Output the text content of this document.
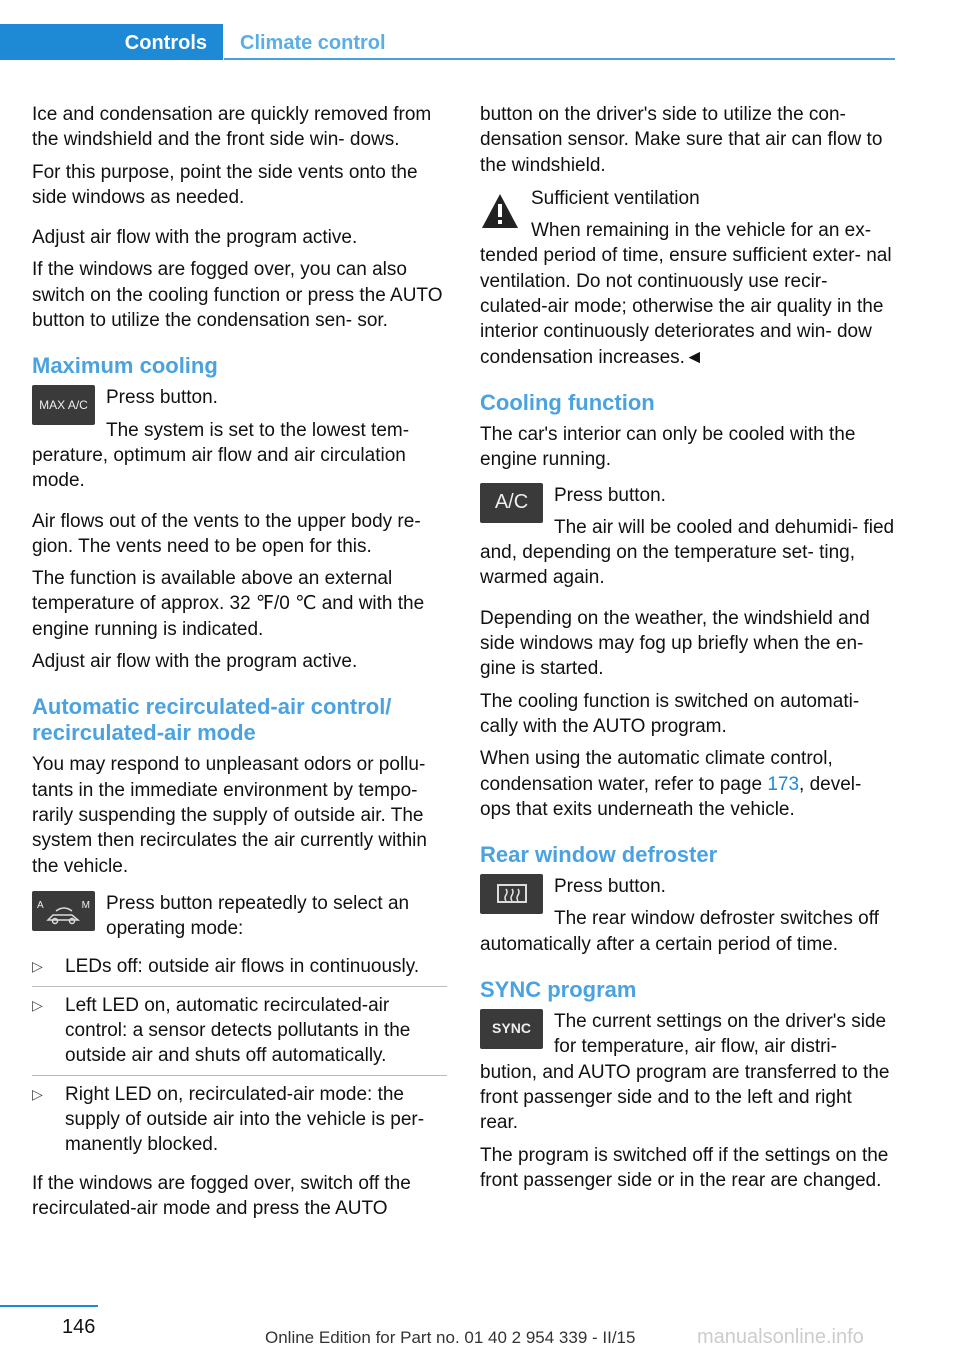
Controls	Climate control

Ice and condensation are quickly removed from the windshield and the front side win‐ dows.

For this purpose, point the side vents onto the side windows as needed.

Adjust air flow with the program active.

If the windows are fogged over, you can also switch on the cooling function or press the AUTO button to utilize the condensation sen‐ sor.

Maximum cooling
MAX A/C Press button.

The system is set to the lowest tem‐ perature, optimum air flow and air circulation mode.

Air flows out of the vents to the upper body re‐ gion. The vents need to be open for this.

The function is available above an external temperature of approx. 32 ℉/0 ℃ and with the engine running is indicated.

Adjust air flow with the program active.

Automatic recirculated-air control/ recirculated-air mode

You may respond to unpleasant odors or pollu‐ tants in the immediate environment by tempo‐ rarily suspending the supply of outside air. The system then recirculates the air currently within the vehicle.

A	M Press button repeatedly to select an operating mode:

▷ LEDs off: outside air flows in continuously.
▷ Left LED on, automatic recirculated-air control: a sensor detects pollutants in the outside air and shuts off automatically.
▷ Right LED on, recirculated-air mode: the supply of outside air into the vehicle is per‐ manently blocked.

If the windows are fogged over, switch off the recirculated-air mode and press the AUTO

button on the driver's side to utilize the con‐ densation sensor. Make sure that air can flow to the windshield.

Sufficient ventilation

When remaining in the vehicle for an ex‐ tended period of time, ensure sufficient exter‐ nal ventilation. Do not continuously use recir‐ culated-air mode; otherwise the air quality in the interior continuously deteriorates and win‐ dow condensation increases.◄

Cooling function

The car's interior can only be cooled with the engine running.

A/C	Press button.

The air will be cooled and dehumidi‐ fied and, depending on the temperature set‐ ting, warmed again.

Depending on the weather, the windshield and side windows may fog up briefly when the en‐ gine is started.

The cooling function is switched on automati‐ cally with the AUTO program.

When using the automatic climate control, condensation water, refer to page 173, devel‐ ops that exits underneath the vehicle.

Rear window defroster

Press button.

The rear window defroster switches off automatically after a certain period of time.

SYNC program
SYNC	The current settings on the driver's side for temperature, air flow, air distri‐ bution, and AUTO program are transferred to the front passenger side and to the left and right rear.

The program is switched off if the settings on the front passenger side or in the rear are changed.

146	Online Edition for Part no. 01 40 2 954 339 - II/15	manualsonline.info
